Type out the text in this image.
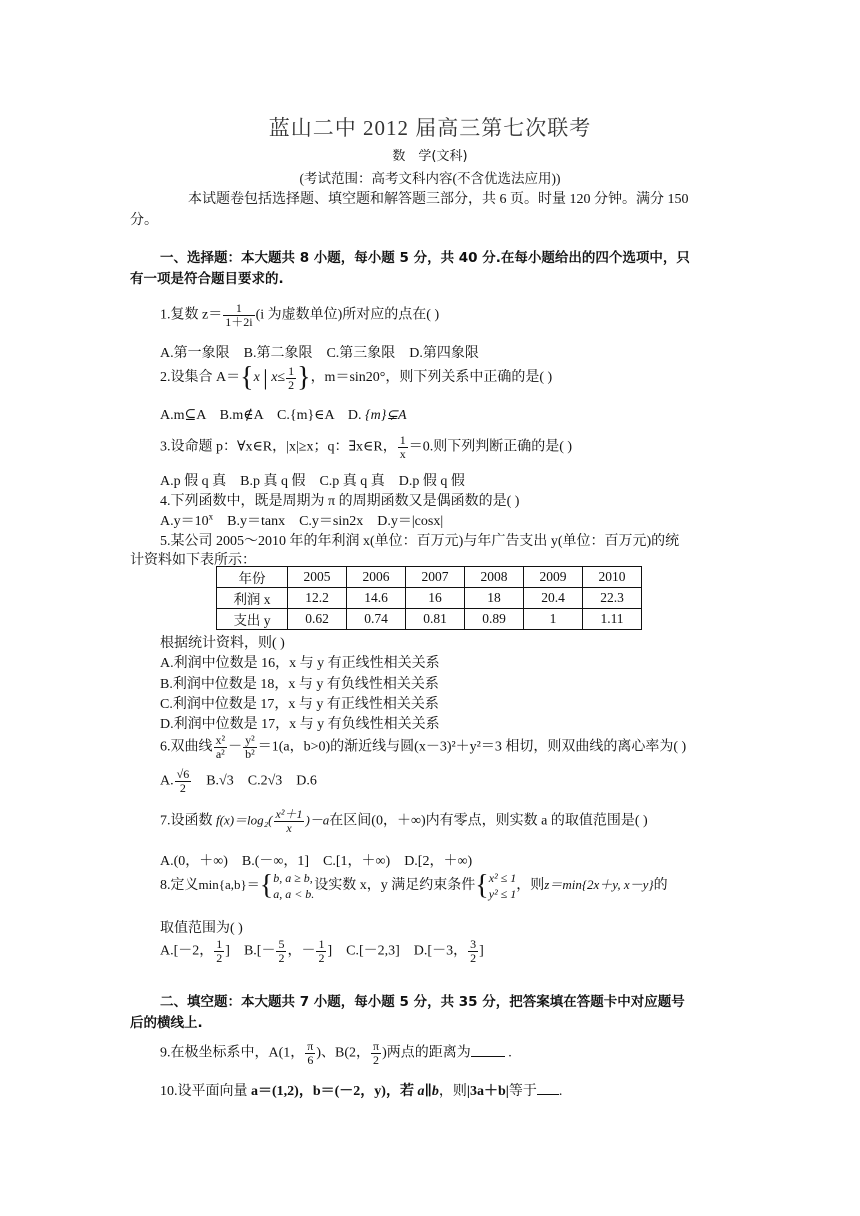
蓝山二中 2012 届高三第七次联考
数　学(文科)
(考试范围：高考文科内容(不含优选法应用))
本试题卷包括选择题、填空题和解答题三部分，共 6 页。时量 120 分钟。满分 150
分。
一、选择题：本大题共 8 小题，每小题 5 分，共 40 分.在每小题给出的四个选项中，只
有一项是符合题目要求的.
1.复数 $z= \frac{1}{1+2i} (i$ 为虚数单位)所对应的点在( )
A.第一象限　B.第二象限　C.第三象限　D.第四象限
2.设集合 A＝{x | $x\le \frac{1}{2}$ }，m＝sin20°，则下列关系中正确的是( )
A.m⊆A　 B.m∉A　 C.{m}∈A　 D. {m}⊊A
3.设命题 p：∀x∈R，|x|≥x；q：∃x∈R， $\frac{1}{x} =0$.则下列判断正确的是( )
A.p 假 q 真　B.p 真 q 假　C.p 真 q 真　D.p 假 q 假
4.下列函数中，既是周期为 π 的周期函数又是偶函数的是( )
$A.y=10^x$　B.y＝tanx　C.y＝sin2x　D.y＝|cosx|
5.某公司 2005～2010 年的年利润 x(单位：百万元)与年广告支出 y(单位：百万元)的统
计资料如下表所示：
年份	2005	2006	2007	2008	2009	2010
利润 x	12.2	14.6	16	18	20.4	22.3
支出 y	0.62	0.74	0.81	0.89	1	1.11
根据统计资料，则( )
A.利润中位数是 16，x 与 y 有正线性相关关系
B.利润中位数是 18，x 与 y 有负线性相关关系
C.利润中位数是 17，x 与 y 有正线性相关关系
D.利润中位数是 17，x 与 y 有负线性相关关系
6.双曲线 $\frac{\text{x²}}{\text{a²}} - \frac{\text{y²}}{\text{b²}} =1(a$，b>0)的渐近线与圆(x－3)²＋y²＝3 相切，则双曲线的离心率为( )
A. $\frac{√6}{2}$ 　B.√3　C.2√3　D.6
7.设函数 $f(x)=\log_2( \frac{\text{x²＋1}}{x} )-a$在区间(0，＋∞)内有零点，则实数 a 的取值范围是( )
A.(0，＋∞)　B.(－∞，1]　C.[1，＋∞)　D.[2，＋∞)
8.定义min{a,b}＝{b, a ≥ b,
a, a < b.设实数 x，y 满足约束条件{x² ≤ 1
y² ≤ 1，则z＝min{2x＋y, x－y}的
取值范围为( )
A.[－2， $\frac{1}{2}$ ]　 $B.[- \frac{5}{2}$ ，－ $\frac{1}{2}$ ]　 C.[－2,3]　 D.[－3， $\frac{3}{2}$ ]
二、填空题：本大题共 7 小题，每小题 5 分，共 35 分，把答案填在答题卡中对应题号
后的横线上.
9.在极坐标系中，A(1， $\frac{\pi}{6}$ )、B(2， $\frac{\pi}{2}$ )两点的距离为 .
10.设平面向量 a＝(1,2)，b＝(－2，y)，若 a∥b，则|3a＋b|等于 .
